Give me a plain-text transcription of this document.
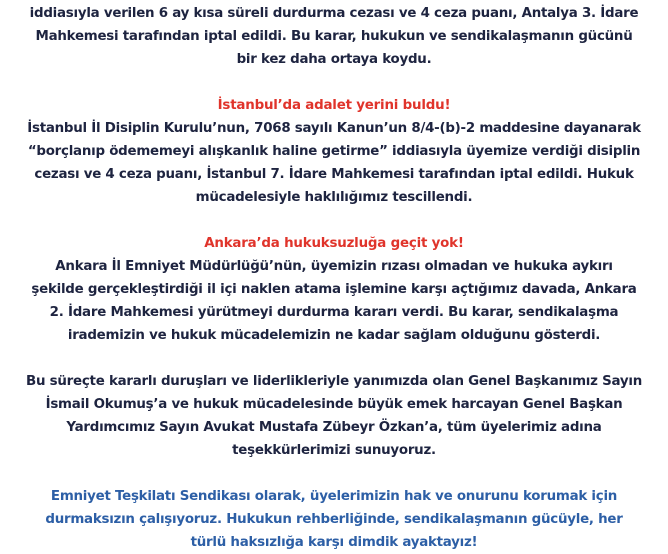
iddiasıyla verilen 6 ay kısa süreli durdurma cezası ve 4 ceza puanı, Antalya 3. İdare
Mahkemesi tarafından iptal edildi. Bu karar, hukukun ve sendikalaşmanın gücünü
bir kez daha ortaya koydu.

İstanbul’da adalet yerini buldu!

İstanbul İl Disiplin Kurulu’nun, 7068 sayılı Kanun’un 8/4-(b)-2 maddesine dayanarak
“borçlanıp ödememeyi alışkanlık haline getirme” iddiasıyla üyemize verdiği disiplin
cezası ve 4 ceza puanı, İstanbul 7. İdare Mahkemesi tarafından iptal edildi. Hukuk
mücadelesiyle haklılığımız tescillendi.

Ankara’da hukuksuzluğa geçit yok!

Ankara İl Emniyet Müdürlüğü’nün, üyemizin rızası olmadan ve hukuka aykırı
şekilde gerçekleştirdiği il içi naklen atama işlemine karşı açtığımız davada, Ankara
2. İdare Mahkemesi yürütmeyi durdurma kararı verdi. Bu karar, sendikalaşma
irademizin ve hukuk mücadelemizin ne kadar sağlam olduğunu gösterdi.

Bu süreçte kararlı duruşları ve liderlikleriyle yanımızda olan Genel Başkanımız Sayın
İsmail Okumuş’a ve hukuk mücadelesinde büyük emek harcayan Genel Başkan
Yardımcımız Sayın Avukat Mustafa Zübeyr Özkan’a, tüm üyelerimiz adına
teşekkürlerimizi sunuyoruz.

Emniyet Teşkilatı Sendikası olarak, üyelerimizin hak ve onurunu korumak için
durmaksızın çalışıyoruz. Hukukun rehberliğinde, sendikalaşmanın gücüyle, her
türlü haksızlığa karşı dimdik ayaktayız!
